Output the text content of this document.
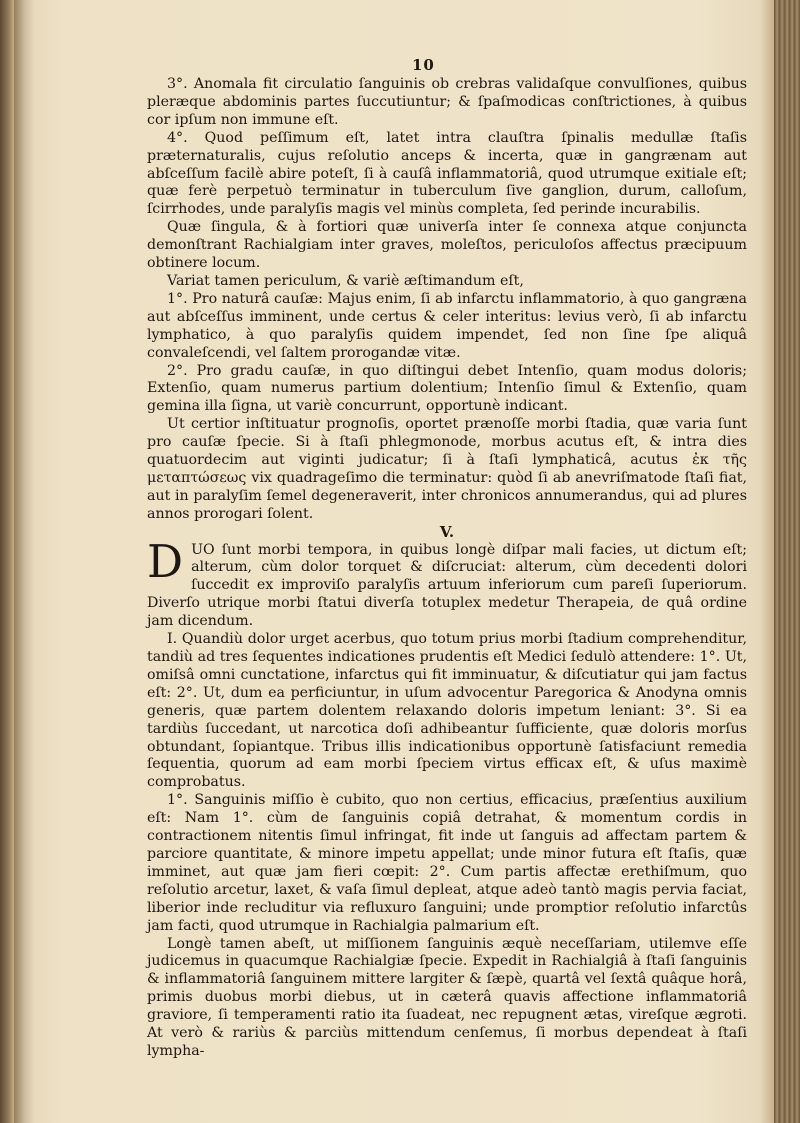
10

3°. Anomala fit circulatio ſanguinis ob crebras validaſque convulſiones, quibus pleræque abdominis partes ſuccutiuntur; & ſpaſmodicas conſtrictiones, à quibus cor ipſum non immune eſt.

4°. Quod peſſimum eſt, latet intra clauſtra ſpinalis medullæ ſtaſis præternaturalis, cujus reſolutio anceps & incerta, quæ in gangrænam aut abſceſſum facilè abire poteſt, ſi à cauſâ inflammatoriâ, quod utrumque exitiale eſt; quæ ferè perpetuò terminatur in tuberculum ſive ganglion, durum, calloſum, ſcirrhodes, unde paralyſis magis vel minùs completa, ſed perinde incurabilis.

Quæ ſingula, & à fortiori quæ univerſa inter ſe connexa atque conjuncta demonſtrant Rachialgiam inter graves, moleſtos, periculoſos affectus præcipuum obtinere locum.

Variat tamen periculum, & variè æſtimandum eſt,

1°. Pro naturâ cauſæ: Majus enim, ſi ab infarctu inflammatorio, à quo gangræna aut abſceſſus imminent, unde certus & celer interitus: levius verò, ſi ab infarctu lymphatico, à quo paralyſis quidem impendet, ſed non ſine ſpe aliquâ convaleſcendi, vel ſaltem prorogandæ vitæ.

2°. Pro gradu cauſæ, in quo diſtingui debet Intenſio, quam modus doloris; Extenſio, quam numerus partium dolentium; Intenſio ſimul & Extenſio, quam gemina illa ſigna, ut variè concurrunt, opportunè indicant.

Ut certior inſtituatur prognoſis, oportet prænoſſe morbi ſtadia, quæ varia ſunt pro cauſæ ſpecie. Si à ſtaſi phlegmonode, morbus acutus eſt, & intra dies quatuordecim aut viginti judicatur; ſi à ſtaſi lymphaticâ, acutus ἐκ τῆς μεταπτώσεως vix quadrageſimo die terminatur: quòd ſi ab anevriſmatode ſtaſi fiat, aut in paralyſim ſemel degeneraverit, inter chronicos annumerandus, qui ad plures annos prorogari ſolent.

V.

D UO ſunt morbi tempora, in quibus longè diſpar mali facies, ut dictum eſt; alterum, cùm dolor torquet & diſcruciat: alterum, cùm decedenti dolori ſuccedit ex improviſo paralyſis artuum inferiorum cum pareſi ſuperiorum. Diverſo utrique morbi ſtatui diverſa totuplex medetur Therapeia, de quâ ordine jam dicendum.

I. Quandiù dolor urget acerbus, quo totum prius morbi ſtadium comprehenditur, tandiù ad tres ſequentes indicationes prudentis eſt Medici ſedulò attendere: 1°. Ut, omiſsâ omni cunctatione, infarctus qui fit imminuatur, & diſcutiatur qui jam factus eſt: 2°. Ut, dum ea perficiuntur, in uſum advocentur Paregorica & Anodyna omnis generis, quæ partem dolentem relaxando doloris impetum leniant: 3°. Si ea tardiùs ſuccedant, ut narcotica doſi adhibeantur ſufficiente, quæ doloris morſus obtundant, ſopiantque. Tribus illis indicationibus opportunè ſatisfaciunt remedia ſequentia, quorum ad eam morbi ſpeciem virtus efficax eſt, & uſus maximè comprobatus.

1°. Sanguinis miſſio è cubito, quo non certius, efficacius, præſentius auxilium eſt: Nam 1°. cùm de ſanguinis copiâ detrahat, & momentum cordis in contractionem nitentis ſimul infringat, fit inde ut ſanguis ad affectam partem & parciore quantitate, & minore impetu appellat; unde minor futura eſt ſtaſis, quæ imminet, aut quæ jam fieri cœpit: 2°. Cum partis affectæ erethiſmum, quo reſolutio arcetur, laxet, & vaſa ſimul depleat, atque adeò tantò magis pervia faciat, liberior inde recluditur via refluxuro ſanguini; unde promptior reſolutio infarctûs jam facti, quod utrumque in Rachialgia palmarium eſt.

Longè tamen abeſt, ut miſſionem ſanguinis æquè neceſſariam, utilemve eſſe judicemus in quacumque Rachialgiæ ſpecie. Expedit in Rachialgiâ à ſtaſi ſanguinis & inflammatoriâ ſanguinem mittere largiter & ſæpè, quartâ vel ſextâ quâque horâ, primis duobus morbi diebus, ut in cæterâ quavis affectione inflammatoriâ graviore, ſi temperamenti ratio ita ſuadeat, nec repugnent ætas, vireſque ægroti. At verò & rariùs & parciùs mittendum cenſemus, ſi morbus dependeat à ſtaſi lympha-
